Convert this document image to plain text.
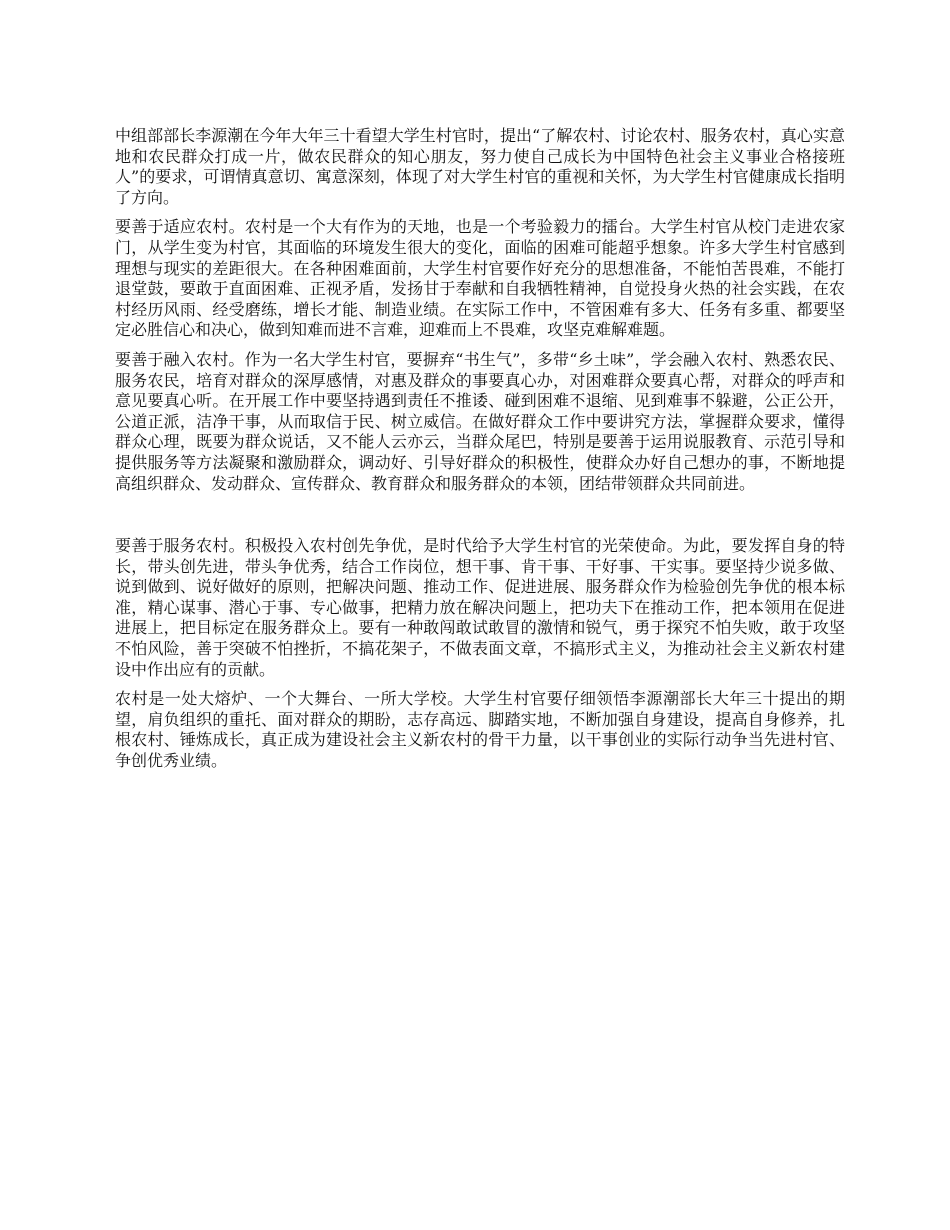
中组部部长李源潮在今年大年三十看望大学生村官时，提出“了解农村、讨论农村、服务农村，真心实意地和农民群众打成一片，做农民群众的知心朋友，努力使自己成长为中国特色社会主义事业合格接班人”的要求，可谓情真意切、寓意深刻，体现了对大学生村官的重视和关怀，为大学生村官健康成长指明了方向。

要善于适应农村。农村是一个大有作为的天地，也是一个考验毅力的擂台。大学生村官从校门走进农家门，从学生变为村官，其面临的环境发生很大的变化，面临的困难可能超乎想象。许多大学生村官感到理想与现实的差距很大。在各种困难面前，大学生村官要作好充分的思想准备，不能怕苦畏难，不能打退堂鼓，要敢于直面困难、正视矛盾，发扬甘于奉献和自我牺牲精神，自觉投身火热的社会实践，在农村经历风雨、经受磨练，增长才能、制造业绩。在实际工作中，不管困难有多大、任务有多重、都要坚定必胜信心和决心，做到知难而进不言难，迎难而上不畏难，攻坚克难解难题。

要善于融入农村。作为一名大学生村官，要摒弃“书生气”，多带“乡土味”，学会融入农村、熟悉农民、服务农民，培育对群众的深厚感情，对惠及群众的事要真心办，对困难群众要真心帮，对群众的呼声和意见要真心听。在开展工作中要坚持遇到责任不推诿、碰到困难不退缩、见到难事不躲避，公正公开，公道正派，洁净干事，从而取信于民、树立威信。在做好群众工作中要讲究方法，掌握群众要求，懂得群众心理，既要为群众说话，又不能人云亦云，当群众尾巴，特别是要善于运用说服教育、示范引导和提供服务等方法凝聚和激励群众，调动好、引导好群众的积极性，使群众办好自己想办的事，不断地提高组织群众、发动群众、宣传群众、教育群众和服务群众的本领，团结带领群众共同前进。

要善于服务农村。积极投入农村创先争优，是时代给予大学生村官的光荣使命。为此，要发挥自身的特长，带头创先进，带头争优秀，结合工作岗位，想干事、肯干事、干好事、干实事。要坚持少说多做、说到做到、说好做好的原则，把解决问题、推动工作、促进进展、服务群众作为检验创先争优的根本标准，精心谋事、潜心于事、专心做事，把精力放在解决问题上，把功夫下在推动工作，把本领用在促进进展上，把目标定在服务群众上。要有一种敢闯敢试敢冒的激情和锐气，勇于探究不怕失败，敢于攻坚不怕风险，善于突破不怕挫折，不搞花架子，不做表面文章，不搞形式主义，为推动社会主义新农村建设中作出应有的贡献。

农村是一处大熔炉、一个大舞台、一所大学校。大学生村官要仔细领悟李源潮部长大年三十提出的期望，肩负组织的重托、面对群众的期盼，志存高远、脚踏实地，不断加强自身建设，提高自身修养，扎根农村、锤炼成长，真正成为建设社会主义新农村的骨干力量，以干事创业的实际行动争当先进村官、争创优秀业绩。
